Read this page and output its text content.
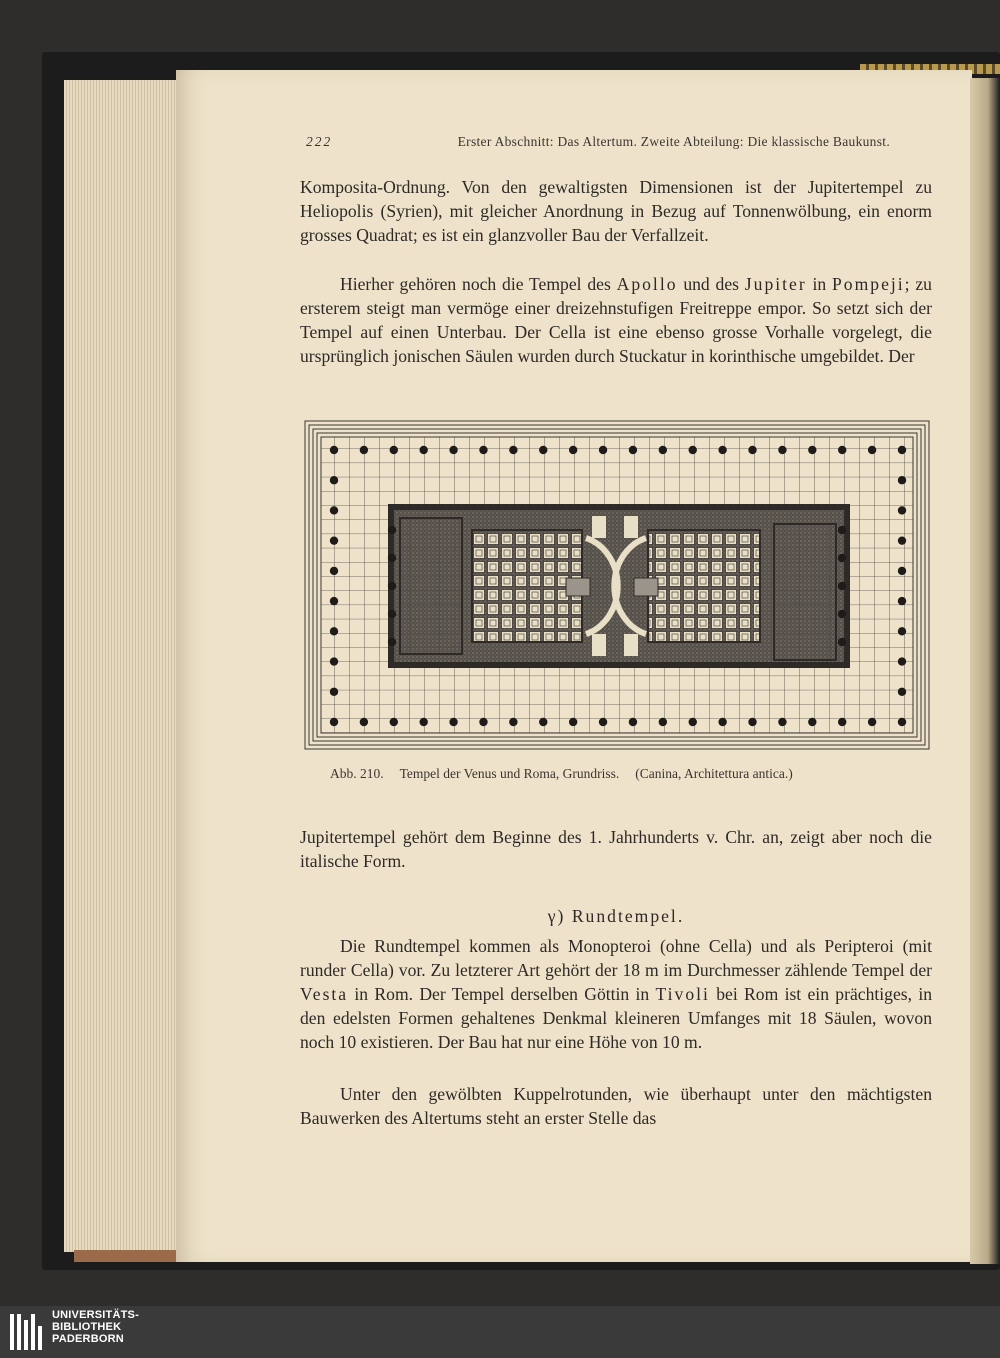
222	Erster Abschnitt: Das Altertum. Zweite Abteilung: Die klassische Baukunst.

Komposita-Ordnung. Von den gewaltigsten Dimensionen ist der Jupitertempel zu Heliopolis (Syrien), mit gleicher Anordnung in Bezug auf Tonnenwölbung, ein enorm grosses Quadrat; es ist ein glanzvoller Bau der Verfallzeit.

Hierher gehören noch die Tempel des Apollo und des Jupiter in Pompeji; zu ersterem steigt man vermöge einer dreizehnstufigen Freitreppe empor. So setzt sich der Tempel auf einen Unterbau. Der Cella ist eine ebenso grosse Vorhalle vorgelegt, die ursprünglich jonischen Säulen wurden durch Stuckatur in korinthische umgebildet. Der

Abb. 210. Tempel der Venus und Roma, Grundriss. (Canina, Architettura antica.)

Jupitertempel gehört dem Beginne des 1. Jahrhunderts v. Chr. an, zeigt aber noch die italische Form.

γ) Rundtempel.

Die Rundtempel kommen als Monopteroi (ohne Cella) und als Peripteroi (mit runder Cella) vor. Zu letzterer Art gehört der 18 m im Durchmesser zählende Tempel der Vesta in Rom. Der Tempel derselben Göttin in Tivoli bei Rom ist ein prächtiges, in den edelsten Formen gehaltenes Denkmal kleineren Umfanges mit 18 Säulen, wovon noch 10 existieren. Der Bau hat nur eine Höhe von 10 m.

Unter den gewölbten Kuppelrotunden, wie überhaupt unter den mächtigsten Bauwerken des Altertums steht an erster Stelle das

UNIVERSITÄTS-
BIBLIOTHEK
PADERBORN
